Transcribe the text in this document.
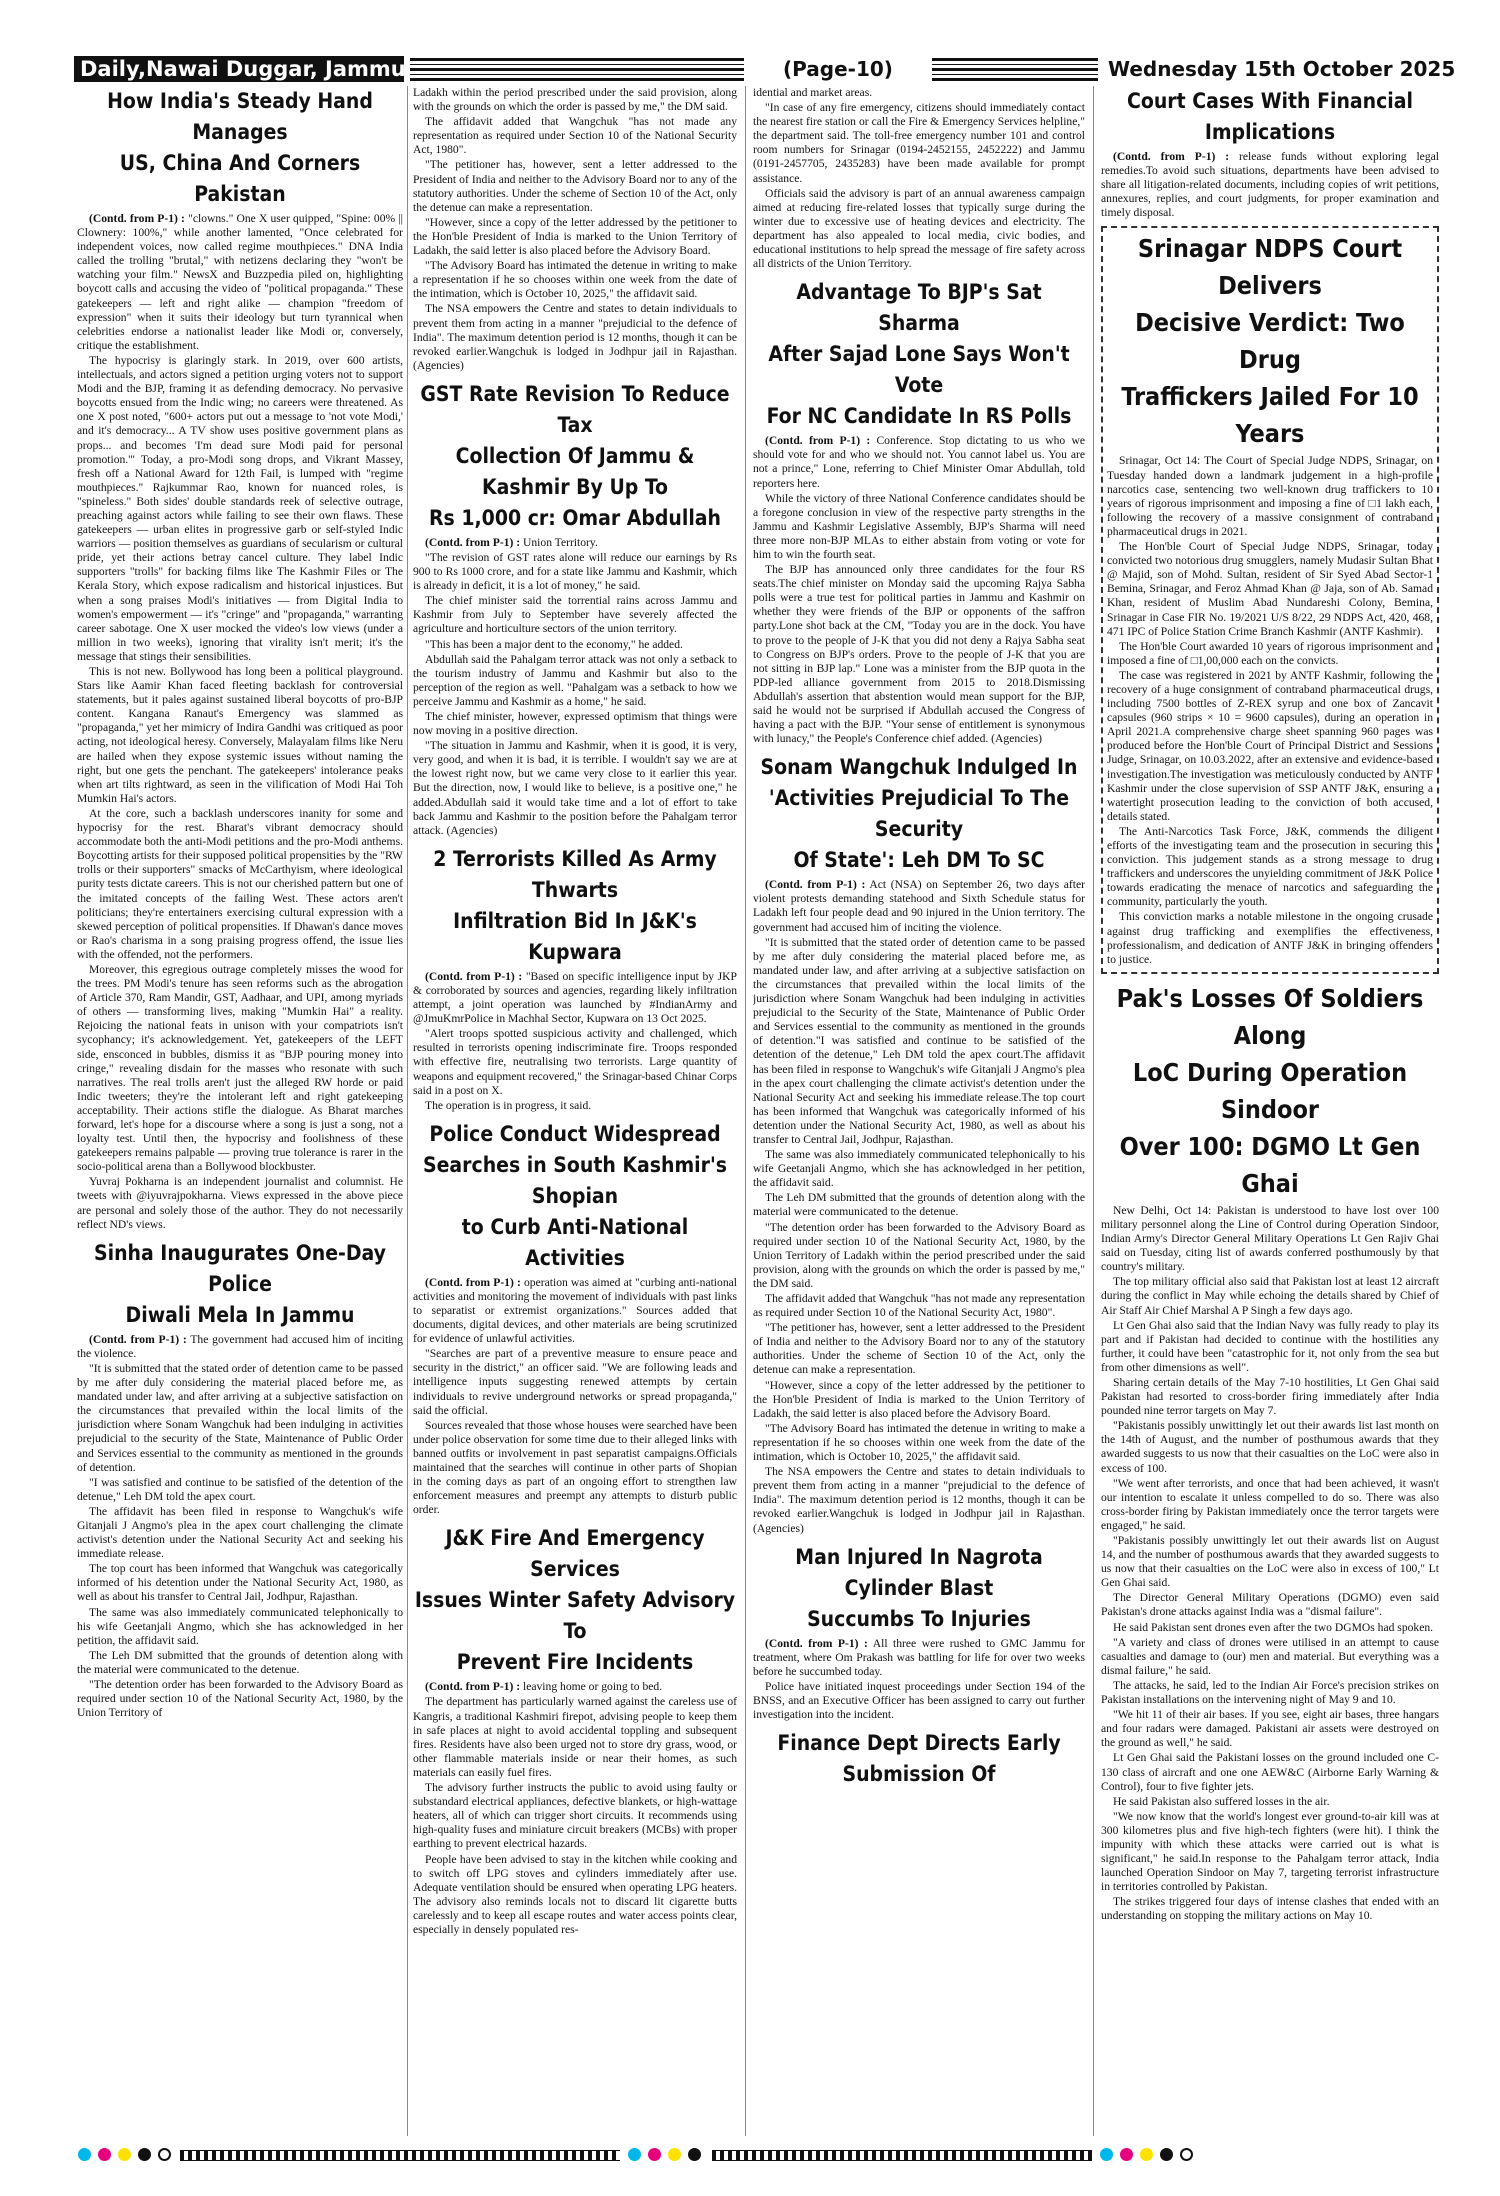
Daily,Nawai Duggar, Jammu	(Page-10)	Wednesday 15th October 2025
How India's Steady Hand Manages
US, China And Corners Pakistan

(Contd. from P-1) : "clowns." One X user quipped, "Spine: 00% || Clownery: 100%," while another lamented, "Once celebrated for independent voices, now called regime mouthpieces." DNA India called the trolling "brutal," with netizens declaring they "won't be watching your film." NewsX and Buzzpedia piled on, highlighting boycott calls and accusing the video of "political propaganda." These gatekeepers — left and right alike — champion "freedom of expression" when it suits their ideology but turn tyrannical when celebrities endorse a nationalist leader like Modi or, conversely, critique the establishment.

The hypocrisy is glaringly stark. In 2019, over 600 artists, intellectuals, and actors signed a petition urging voters not to support Modi and the BJP, framing it as defending democracy. No pervasive boycotts ensued from the Indic wing; no careers were threatened. As one X post noted, "600+ actors put out a message to 'not vote Modi,' and it's democracy... A TV show uses positive government plans as props... and becomes 'I'm dead sure Modi paid for personal promotion.'" Today, a pro-Modi song drops, and Vikrant Massey, fresh off a National Award for 12th Fail, is lumped with "regime mouthpieces." Rajkummar Rao, known for nuanced roles, is "spineless." Both sides' double standards reek of selective outrage, preaching against actors while failing to see their own flaws. These gatekeepers — urban elites in progressive garb or self-styled Indic warriors — position themselves as guardians of secularism or cultural pride, yet their actions betray cancel culture. They label Indic supporters "trolls" for backing films like The Kashmir Files or The Kerala Story, which expose radicalism and historical injustices. But when a song praises Modi's initiatives — from Digital India to women's empowerment — it's "cringe" and "propaganda," warranting career sabotage. One X user mocked the video's low views (under a million in two weeks), ignoring that virality isn't merit; it's the message that stings their sensibilities.

This is not new. Bollywood has long been a political playground. Stars like Aamir Khan faced fleeting backlash for controversial statements, but it pales against sustained liberal boycotts of pro-BJP content. Kangana Ranaut's Emergency was slammed as "propaganda," yet her mimicry of Indira Gandhi was critiqued as poor acting, not ideological heresy. Conversely, Malayalam films like Neru are hailed when they expose systemic issues without naming the right, but one gets the penchant. The gatekeepers' intolerance peaks when art tilts rightward, as seen in the vilification of Modi Hai Toh Mumkin Hai's actors.

At the core, such a backlash underscores inanity for some and hypocrisy for the rest. Bharat's vibrant democracy should accommodate both the anti-Modi petitions and the pro-Modi anthems. Boycotting artists for their supposed political propensities by the "RW trolls or their supporters" smacks of McCarthyism, where ideological purity tests dictate careers. This is not our cherished pattern but one of the imitated concepts of the failing West. These actors aren't politicians; they're entertainers exercising cultural expression with a skewed perception of political propensities. If Dhawan's dance moves or Rao's charisma in a song praising progress offend, the issue lies with the offended, not the performers.

Moreover, this egregious outrage completely misses the wood for the trees. PM Modi's tenure has seen reforms such as the abrogation of Article 370, Ram Mandir, GST, Aadhaar, and UPI, among myriads of others — transforming lives, making "Mumkin Hai" a reality. Rejoicing the national feats in unison with your compatriots isn't sycophancy; it's acknowledgement. Yet, gatekeepers of the LEFT side, ensconced in bubbles, dismiss it as "BJP pouring money into cringe," revealing disdain for the masses who resonate with such narratives. The real trolls aren't just the alleged RW horde or paid Indic tweeters; they're the intolerant left and right gatekeeping acceptability. Their actions stifle the dialogue. As Bharat marches forward, let's hope for a discourse where a song is just a song, not a loyalty test. Until then, the hypocrisy and foolishness of these gatekeepers remains palpable — proving true tolerance is rarer in the socio-political arena than a Bollywood blockbuster.

Yuvraj Pokharna is an independent journalist and columnist. He tweets with @iyuvrajpokharna. Views expressed in the above piece are personal and solely those of the author. They do not necessarily reflect ND's views.

Sinha Inaugurates One-Day Police
Diwali Mela In Jammu

(Contd. from P-1) : The government had accused him of inciting the violence.

"It is submitted that the stated order of detention came to be passed by me after duly considering the material placed before me, as mandated under law, and after arriving at a subjective satisfaction on the circumstances that prevailed within the local limits of the jurisdiction where Sonam Wangchuk had been indulging in activities prejudicial to the security of the State, Maintenance of Public Order and Services essential to the community as mentioned in the grounds of detention.

"I was satisfied and continue to be satisfied of the detention of the detenue," Leh DM told the apex court.

The affidavit has been filed in response to Wangchuk's wife Gitanjali J Angmo's plea in the apex court challenging the climate activist's detention under the National Security Act and seeking his immediate release.

The top court has been informed that Wangchuk was categorically informed of his detention under the National Security Act, 1980, as well as about his transfer to Central Jail, Jodhpur, Rajasthan.

The same was also immediately communicated telephonically to his wife Geetanjali Angmo, which she has acknowledged in her petition, the affidavit said.

The Leh DM submitted that the grounds of detention along with the material were communicated to the detenue.

"The detention order has been forwarded to the Advisory Board as required under section 10 of the National Security Act, 1980, by the Union Territory of

Ladakh within the period prescribed under the said provision, along with the grounds on which the order is passed by me," the DM said.

The affidavit added that Wangchuk "has not made any representation as required under Section 10 of the National Security Act, 1980".

"The petitioner has, however, sent a letter addressed to the President of India and neither to the Advisory Board nor to any of the statutory authorities. Under the scheme of Section 10 of the Act, only the detenue can make a representation.

"However, since a copy of the letter addressed by the petitioner to the Hon'ble President of India is marked to the Union Territory of Ladakh, the said letter is also placed before the Advisory Board.

"The Advisory Board has intimated the detenue in writing to make a representation if he so chooses within one week from the date of the intimation, which is October 10, 2025," the affidavit said.

The NSA empowers the Centre and states to detain individuals to prevent them from acting in a manner "prejudicial to the defence of India". The maximum detention period is 12 months, though it can be revoked earlier.Wangchuk is lodged in Jodhpur jail in Rajasthan. (Agencies)

GST Rate Revision To Reduce Tax
Collection Of Jammu & Kashmir By Up To
Rs 1,000 cr: Omar Abdullah

(Contd. from P-1) : Union Territory.

"The revision of GST rates alone will reduce our earnings by Rs 900 to Rs 1000 crore, and for a state like Jammu and Kashmir, which is already in deficit, it is a lot of money," he said.

The chief minister said the torrential rains across Jammu and Kashmir from July to September have severely affected the agriculture and horticulture sectors of the union territory.

"This has been a major dent to the economy," he added.

Abdullah said the Pahalgam terror attack was not only a setback to the tourism industry of Jammu and Kashmir but also to the perception of the region as well. "Pahalgam was a setback to how we perceive Jammu and Kashmir as a home," he said.

The chief minister, however, expressed optimism that things were now moving in a positive direction.

"The situation in Jammu and Kashmir, when it is good, it is very, very good, and when it is bad, it is terrible. I wouldn't say we are at the lowest right now, but we came very close to it earlier this year. But the direction, now, I would like to believe, is a positive one," he added.Abdullah said it would take time and a lot of effort to take back Jammu and Kashmir to the position before the Pahalgam terror attack. (Agencies)

2 Terrorists Killed As Army Thwarts
Infiltration Bid In J&K's Kupwara

(Contd. from P-1) : "Based on specific intelligence input by JKP & corroborated by sources and agencies, regarding likely infiltration attempt, a joint operation was launched by #IndianArmy and @JmuKmrPolice in Machhal Sector, Kupwara on 13 Oct 2025.

"Alert troops spotted suspicious activity and challenged, which resulted in terrorists opening indiscriminate fire. Troops responded with effective fire, neutralising two terrorists. Large quantity of weapons and equipment recovered," the Srinagar-based Chinar Corps said in a post on X.

The operation is in progress, it said.

Police Conduct Widespread
Searches in South Kashmir's Shopian
to Curb Anti-National Activities

(Contd. from P-1) : operation was aimed at "curbing anti-national activities and monitoring the movement of individuals with past links to separatist or extremist organizations." Sources added that documents, digital devices, and other materials are being scrutinized for evidence of unlawful activities.

"Searches are part of a preventive measure to ensure peace and security in the district," an officer said. "We are following leads and intelligence inputs suggesting renewed attempts by certain individuals to revive underground networks or spread propaganda," said the official.

Sources revealed that those whose houses were searched have been under police observation for some time due to their alleged links with banned outfits or involvement in past separatist campaigns.Officials maintained that the searches will continue in other parts of Shopian in the coming days as part of an ongoing effort to strengthen law enforcement measures and preempt any attempts to disturb public order.

J&K Fire And Emergency Services
Issues Winter Safety Advisory To
Prevent Fire Incidents

(Contd. from P-1) : leaving home or going to bed.

The department has particularly warned against the careless use of Kangris, a traditional Kashmiri firepot, advising people to keep them in safe places at night to avoid accidental toppling and subsequent fires. Residents have also been urged not to store dry grass, wood, or other flammable materials inside or near their homes, as such materials can easily fuel fires.

The advisory further instructs the public to avoid using faulty or substandard electrical appliances, defective blankets, or high-wattage heaters, all of which can trigger short circuits. It recommends using high-quality fuses and miniature circuit breakers (MCBs) with proper earthing to prevent electrical hazards.

People have been advised to stay in the kitchen while cooking and to switch off LPG stoves and cylinders immediately after use. Adequate ventilation should be ensured when operating LPG heaters. The advisory also reminds locals not to discard lit cigarette butts carelessly and to keep all escape routes and water access points clear, especially in densely populated res-

idential and market areas.

"In case of any fire emergency, citizens should immediately contact the nearest fire station or call the Fire & Emergency Services helpline," the department said. The toll-free emergency number 101 and control room numbers for Srinagar (0194-2452155, 2452222) and Jammu (0191-2457705, 2435283) have been made available for prompt assistance.

Officials said the advisory is part of an annual awareness campaign aimed at reducing fire-related losses that typically surge during the winter due to excessive use of heating devices and electricity. The department has also appealed to local media, civic bodies, and educational institutions to help spread the message of fire safety across all districts of the Union Territory.

Advantage To BJP's Sat Sharma
After Sajad Lone Says Won't Vote
For NC Candidate In RS Polls

(Contd. from P-1) : Conference. Stop dictating to us who we should vote for and who we should not. You cannot label us. You are not a prince," Lone, referring to Chief Minister Omar Abdullah, told reporters here.

While the victory of three National Conference candidates should be a foregone conclusion in view of the respective party strengths in the Jammu and Kashmir Legislative Assembly, BJP's Sharma will need three more non-BJP MLAs to either abstain from voting or vote for him to win the fourth seat.

The BJP has announced only three candidates for the four RS seats.The chief minister on Monday said the upcoming Rajya Sabha polls were a true test for political parties in Jammu and Kashmir on whether they were friends of the BJP or opponents of the saffron party.Lone shot back at the CM, "Today you are in the dock. You have to prove to the people of J-K that you did not deny a Rajya Sabha seat to Congress on BJP's orders. Prove to the people of J-K that you are not sitting in BJP lap." Lone was a minister from the BJP quota in the PDP-led alliance government from 2015 to 2018.Dismissing Abdullah's assertion that abstention would mean support for the BJP, said he would not be surprised if Abdullah accused the Congress of having a pact with the BJP. "Your sense of entitlement is synonymous with lunacy," the People's Conference chief added. (Agencies)

Sonam Wangchuk Indulged In
'Activities Prejudicial To The Security
Of State': Leh DM To SC

(Contd. from P-1) : Act (NSA) on September 26, two days after violent protests demanding statehood and Sixth Schedule status for Ladakh left four people dead and 90 injured in the Union territory. The government had accused him of inciting the violence.

"It is submitted that the stated order of detention came to be passed by me after duly considering the material placed before me, as mandated under law, and after arriving at a subjective satisfaction on the circumstances that prevailed within the local limits of the jurisdiction where Sonam Wangchuk had been indulging in activities prejudicial to the Security of the State, Maintenance of Public Order and Services essential to the community as mentioned in the grounds of detention."I was satisfied and continue to be satisfied of the detention of the detenue," Leh DM told the apex court.The affidavit has been filed in response to Wangchuk's wife Gitanjali J Angmo's plea in the apex court challenging the climate activist's detention under the National Security Act and seeking his immediate release.The top court has been informed that Wangchuk was categorically informed of his detention under the National Security Act, 1980, as well as about his transfer to Central Jail, Jodhpur, Rajasthan.

The same was also immediately communicated telephonically to his wife Geetanjali Angmo, which she has acknowledged in her petition, the affidavit said.

The Leh DM submitted that the grounds of detention along with the material were communicated to the detenue.

"The detention order has been forwarded to the Advisory Board as required under section 10 of the National Security Act, 1980, by the Union Territory of Ladakh within the period prescribed under the said provision, along with the grounds on which the order is passed by me," the DM said.

The affidavit added that Wangchuk "has not made any representation as required under Section 10 of the National Security Act, 1980".

"The petitioner has, however, sent a letter addressed to the President of India and neither to the Advisory Board nor to any of the statutory authorities. Under the scheme of Section 10 of the Act, only the detenue can make a representation.

"However, since a copy of the letter addressed by the petitioner to the Hon'ble President of India is marked to the Union Territory of Ladakh, the said letter is also placed before the Advisory Board.

"The Advisory Board has intimated the detenue in writing to make a representation if he so chooses within one week from the date of the intimation, which is October 10, 2025," the affidavit said.

The NSA empowers the Centre and states to detain individuals to prevent them from acting in a manner "prejudicial to the defence of India". The maximum detention period is 12 months, though it can be revoked earlier.Wangchuk is lodged in Jodhpur jail in Rajasthan. (Agencies)

Man Injured In Nagrota Cylinder Blast
Succumbs To Injuries

(Contd. from P-1) : All three were rushed to GMC Jammu for treatment, where Om Prakash was battling for life for over two weeks before he succumbed today.

Police have initiated inquest proceedings under Section 194 of the BNSS, and an Executive Officer has been assigned to carry out further investigation into the incident.

Finance Dept Directs Early Submission Of
Court Cases With Financial Implications

(Contd. from P-1) : release funds without exploring legal remedies.To avoid such situations, departments have been advised to share all litigation-related documents, including copies of writ petitions, annexures, replies, and court judgments, for proper examination and timely disposal.

Srinagar NDPS Court Delivers
Decisive Verdict: Two Drug
Traffickers Jailed For 10 Years

Srinagar, Oct 14: The Court of Special Judge NDPS, Srinagar, on Tuesday handed down a landmark judgement in a high-profile narcotics case, sentencing two well-known drug traffickers to 10 years of rigorous imprisonment and imposing a fine of □1 lakh each, following the recovery of a massive consignment of contraband pharmaceutical drugs in 2021.

The Hon'ble Court of Special Judge NDPS, Srinagar, today convicted two notorious drug smugglers, namely Mudasir Sultan Bhat @ Majid, son of Mohd. Sultan, resident of Sir Syed Abad Sector-1 Bemina, Srinagar, and Feroz Ahmad Khan @ Jaja, son of Ab. Samad Khan, resident of Muslim Abad Nundareshi Colony, Bemina, Srinagar in Case FIR No. 19/2021 U/S 8/22, 29 NDPS Act, 420, 468, 471 IPC of Police Station Crime Branch Kashmir (ANTF Kashmir).

The Hon'ble Court awarded 10 years of rigorous imprisonment and imposed a fine of □1,00,000 each on the convicts.

The case was registered in 2021 by ANTF Kashmir, following the recovery of a huge consignment of contraband pharmaceutical drugs, including 7500 bottles of Z-REX syrup and one box of Zancavit capsules (960 strips × 10 = 9600 capsules), during an operation in April 2021.A comprehensive charge sheet spanning 960 pages was produced before the Hon'ble Court of Principal District and Sessions Judge, Srinagar, on 10.03.2022, after an extensive and evidence-based investigation.The investigation was meticulously conducted by ANTF Kashmir under the close supervision of SSP ANTF J&K, ensuring a watertight prosecution leading to the conviction of both accused, details stated.

The Anti-Narcotics Task Force, J&K, commends the diligent efforts of the investigating team and the prosecution in securing this conviction. This judgement stands as a strong message to drug traffickers and underscores the unyielding commitment of J&K Police towards eradicating the menace of narcotics and safeguarding the community, particularly the youth.

This conviction marks a notable milestone in the ongoing crusade against drug trafficking and exemplifies the effectiveness, professionalism, and dedication of ANTF J&K in bringing offenders to justice.

Pak's Losses Of Soldiers Along
LoC During Operation Sindoor
Over 100: DGMO Lt Gen Ghai

New Delhi, Oct 14: Pakistan is understood to have lost over 100 military personnel along the Line of Control during Operation Sindoor, Indian Army's Director General Military Operations Lt Gen Rajiv Ghai said on Tuesday, citing list of awards conferred posthumously by that country's military.

The top military official also said that Pakistan lost at least 12 aircraft during the conflict in May while echoing the details shared by Chief of Air Staff Air Chief Marshal A P Singh a few days ago.

Lt Gen Ghai also said that the Indian Navy was fully ready to play its part and if Pakistan had decided to continue with the hostilities any further, it could have been "catastrophic for it, not only from the sea but from other dimensions as well".

Sharing certain details of the May 7-10 hostilities, Lt Gen Ghai said Pakistan had resorted to cross-border firing immediately after India pounded nine terror targets on May 7.

"Pakistanis possibly unwittingly let out their awards list last month on the 14th of August, and the number of posthumous awards that they awarded suggests to us now that their casualties on the LoC were also in excess of 100.

"We went after terrorists, and once that had been achieved, it wasn't our intention to escalate it unless compelled to do so. There was also cross-border firing by Pakistan immediately once the terror targets were engaged," he said.

"Pakistanis possibly unwittingly let out their awards list on August 14, and the number of posthumous awards that they awarded suggests to us now that their casualties on the LoC were also in excess of 100," Lt Gen Ghai said.

The Director General Military Operations (DGMO) even said Pakistan's drone attacks against India was a "dismal failure".

He said Pakistan sent drones even after the two DGMOs had spoken.

"A variety and class of drones were utilised in an attempt to cause casualties and damage to (our) men and material. But everything was a dismal failure," he said.

The attacks, he said, led to the Indian Air Force's precision strikes on Pakistan installations on the intervening night of May 9 and 10.

"We hit 11 of their air bases. If you see, eight air bases, three hangars and four radars were damaged. Pakistani air assets were destroyed on the ground as well," he said.

Lt Gen Ghai said the Pakistani losses on the ground included one C-130 class of aircraft and one one AEW&C (Airborne Early Warning & Control), four to five fighter jets.

He said Pakistan also suffered losses in the air.

"We now know that the world's longest ever ground-to-air kill was at 300 kilometres plus and five high-tech fighters (were hit). I think the impunity with which these attacks were carried out is what is significant," he said.In response to the Pahalgam terror attack, India launched Operation Sindoor on May 7, targeting terrorist infrastructure in territories controlled by Pakistan.

The strikes triggered four days of intense clashes that ended with an understanding on stopping the military actions on May 10.
